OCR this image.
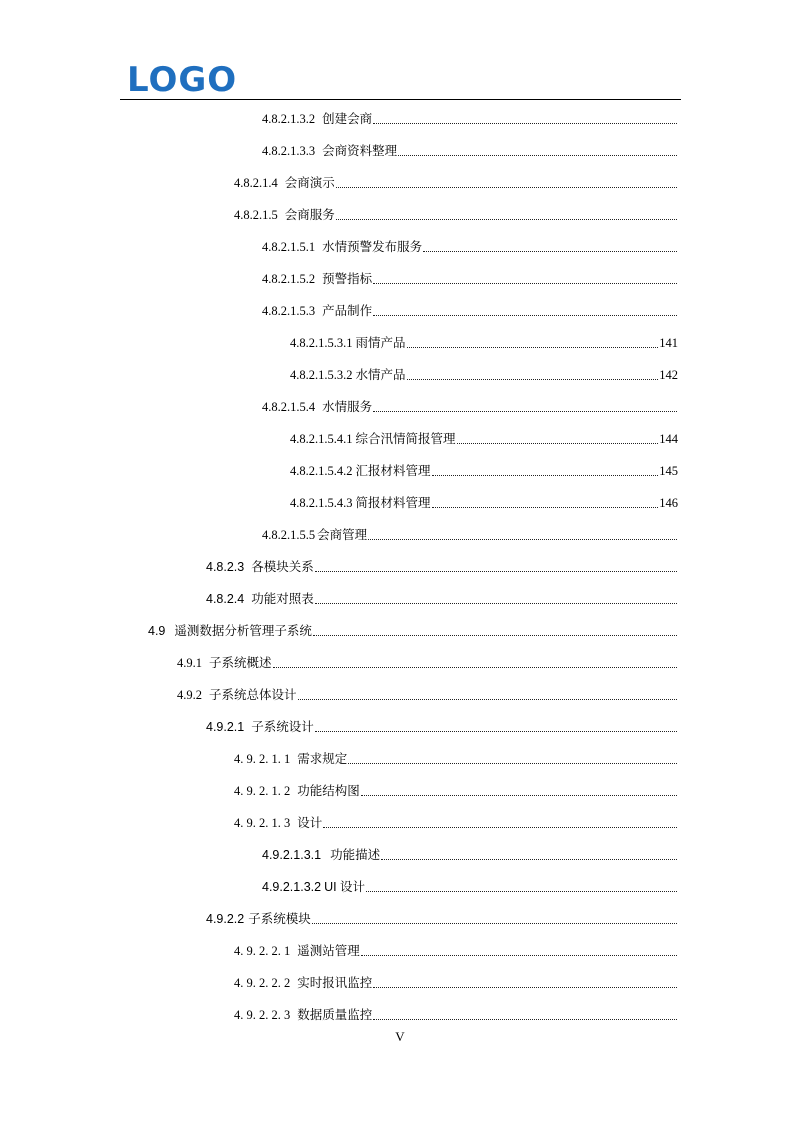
LOGO
4.8.2.1.3.2 创建会商
4.8.2.1.3.3 会商资料整理
4.8.2.1.4 会商演示
4.8.2.1.5 会商服务
4.8.2.1.5.1 水情预警发布服务
4.8.2.1.5.2 预警指标
4.8.2.1.5.3 产品制作
4.8.2.1.5.3.1 雨情产品	141
4.8.2.1.5.3.2 水情产品	142
4.8.2.1.5.4 水情服务
4.8.2.1.5.4.1 综合汛情简报管理	144
4.8.2.1.5.4.2 汇报材料管理	145
4.8.2.1.5.4.3 简报材料管理	146
4.8.2.1.5.5 会商管理
4.8.2.3 各模块关系
4.8.2.4 功能对照表
4.9 遥测数据分析管理子系统
4.9.1 子系统概述
4.9.2 子系统总体设计
4.9.2.1 子系统设计
4. 9. 2. 1. 1 需求规定
4. 9. 2. 1. 2 功能结构图
4. 9. 2. 1. 3 设计
4.9.2.1.3.1 功能描述
4.9.2.1.3.2 UI 设计
4.9.2.2 子系统模块
4. 9. 2. 2. 1 遥测站管理
4. 9. 2. 2. 2 实时报讯监控
4. 9. 2. 2. 3 数据质量监控
V
